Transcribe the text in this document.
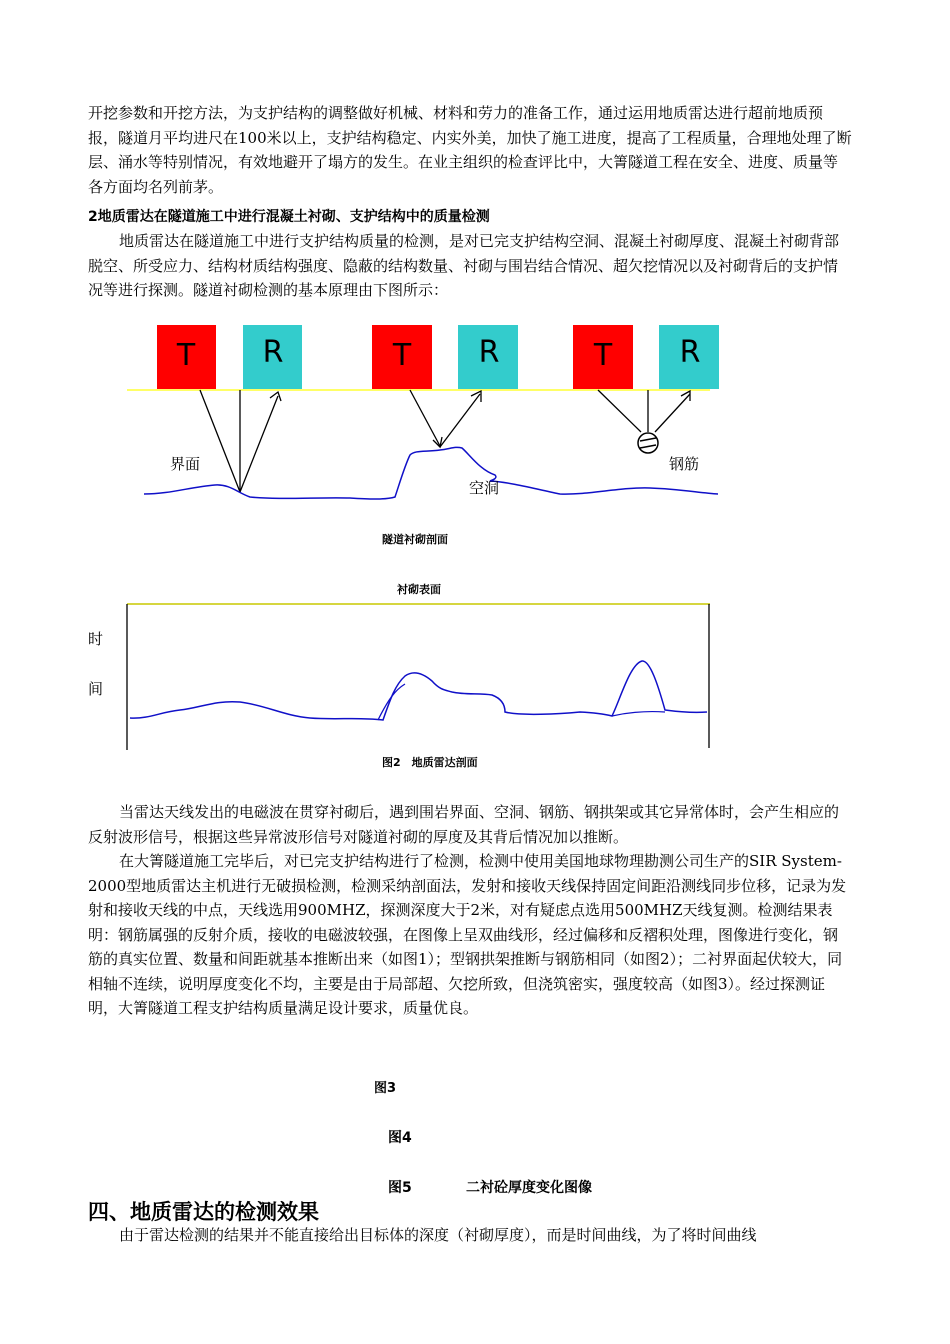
开挖参数和开挖方法，为支护结构的调整做好机械、材料和劳力的准备工作，通过运用地质雷达进行超前地质预报，隧道月平均进尺在100米以上，支护结构稳定、内实外美，加快了施工进度，提高了工程质量，合理地处理了断层、涌水等特别情况，有效地避开了塌方的发生。在业主组织的检查评比中，大箐隧道工程在安全、进度、质量等各方面均名列前茅。

2地质雷达在隧道施工中进行混凝土衬砌、支护结构中的质量检测

地质雷达在隧道施工中进行支护结构质量的检测，是对已完支护结构空洞、混凝土衬砌厚度、混凝土衬砌背部脱空、所受应力、结构材质结构强度、隐蔽的结构数量、衬砌与围岩结合情况、超欠挖情况以及衬砌背后的支护情况等进行探测。隧道衬砌检测的基本原理由下图所示：

T R	T R	T R
界面
空洞
钢筋
隧道衬砌剖面
衬砌表面
时
间
图2　地质雷达剖面

当雷达天线发出的电磁波在贯穿衬砌后，遇到围岩界面、空洞、钢筋、钢拱架或其它异常体时，会产生相应的反射波形信号，根据这些异常波形信号对隧道衬砌的厚度及其背后情况加以推断。

在大箐隧道施工完毕后，对已完支护结构进行了检测，检测中使用美国地球物理勘测公司生产的SIR System-2000型地质雷达主机进行无破损检测，检测采纳剖面法，发射和接收天线保持固定间距沿测线同步位移，记录为发射和接收天线的中点，天线选用900MHZ，探测深度大于2米，对有疑虑点选用500MHZ天线复测。检测结果表明：钢筋属强的反射介质，接收的电磁波较强，在图像上呈双曲线形，经过偏移和反褶积处理，图像进行变化，钢筋的真实位置、数量和间距就基本推断出来（如图1）；型钢拱架推断与钢筋相同（如图2）；二衬界面起伏较大，同相轴不连续，说明厚度变化不均，主要是由于局部超、欠挖所致，但浇筑密实，强度较高（如图3）。经过探测证明，大箐隧道工程支护结构质量满足设计要求，质量优良。

图3
图4
图5	二衬砼厚度变化图像

四、地质雷达的检测效果

由于雷达检测的结果并不能直接给出目标体的深度（衬砌厚度），而是时间曲线，为了将时间曲线
